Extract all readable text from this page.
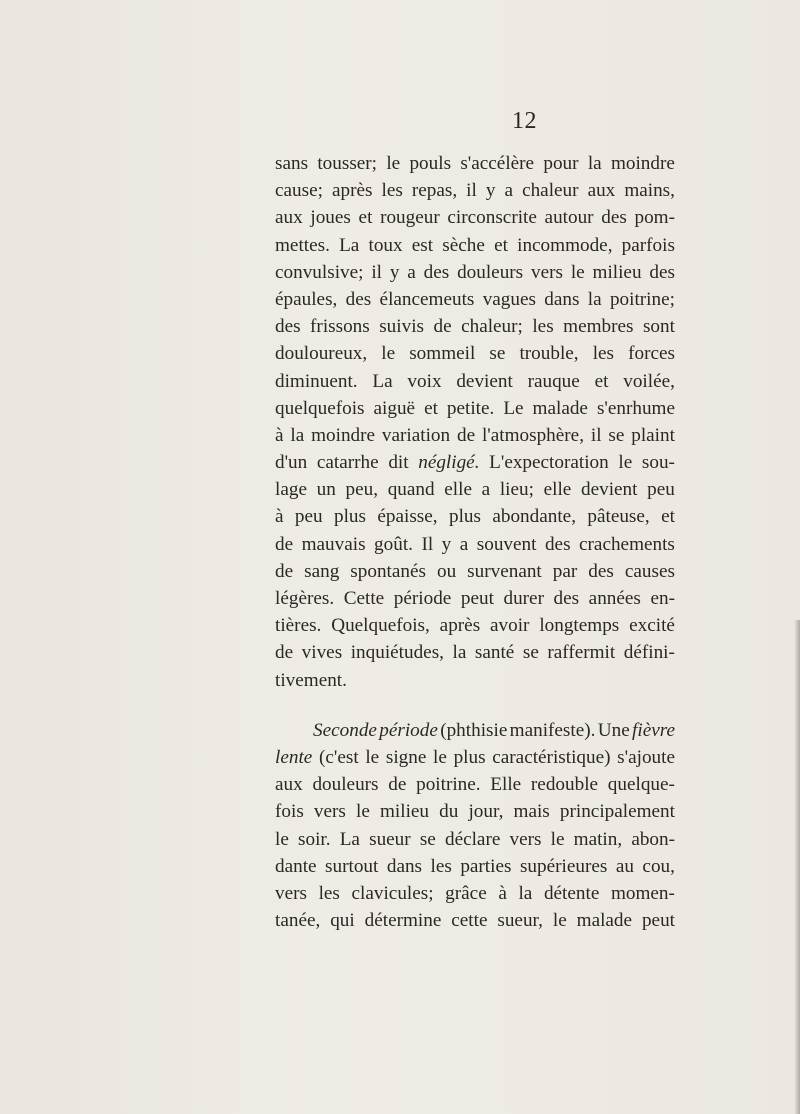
12
sans tousser; le pouls s'accélère pour la moindre
cause; après les repas, il y a chaleur aux mains,
aux joues et rougeur circonscrite autour des pom-
mettes. La toux est sèche et incommode, parfois
convulsive; il y a des douleurs vers le milieu des
épaules, des élancemeuts vagues dans la poitrine;
des frissons suivis de chaleur; les membres sont
douloureux, le sommeil se trouble, les forces
diminuent. La voix devient rauque et voilée,
quelquefois aiguë et petite. Le malade s'enrhume
à la moindre variation de l'atmosphère, il se plaint
d'un catarrhe dit négligé. L'expectoration le sou-
lage un peu, quand elle a lieu; elle devient peu
à peu plus épaisse, plus abondante, pâteuse, et
de mauvais goût. Il y a souvent des crachements
de sang spontanés ou survenant par des causes
légères. Cette période peut durer des années en-
tières. Quelquefois, après avoir longtemps excité
de vives inquiétudes, la santé se raffermit défini-
tivement.
Seconde période (phthisie manifeste). Une fièvre
lente (c'est le signe le plus caractéristique) s'ajoute
aux douleurs de poitrine. Elle redouble quelque-
fois vers le milieu du jour, mais principalement
le soir. La sueur se déclare vers le matin, abon-
dante surtout dans les parties supérieures au cou,
vers les clavicules; grâce à la détente momen-
tanée, qui détermine cette sueur, le malade peut
